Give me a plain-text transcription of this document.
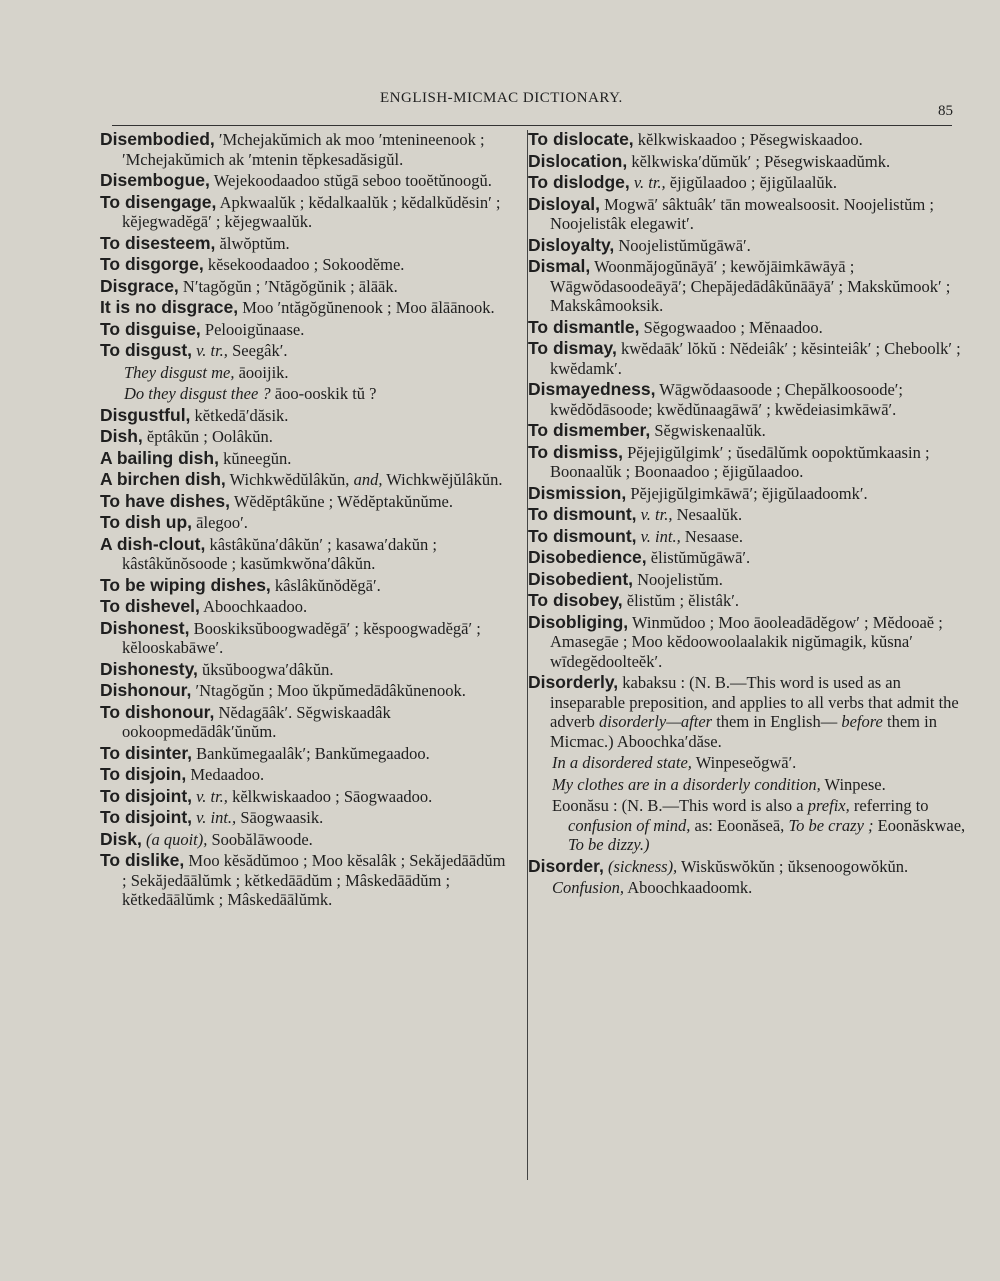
ENGLISH-MICMAC DICTIONARY.
85
Disembodied, ′Mchejakŭmich ak moo ′mtenineenook ; ′Mchejakŭmich ak ′mtenin tĕpkesadăsigŭl.
Disembogue, Wejekoodaadoo stŭgā seboo tooĕtŭnoogŭ.
To disengage, Apkwaalŭk ; kĕdalkaalŭk ; kĕdalkŭdĕsin′ ; kĕjegwadĕgā′ ; kĕjegwaalŭk.
To disesteem, ălwŏptŭm.
To disgorge, kĕsekoodaadoo ; Sokoodĕme.
Disgrace, N′tagŏgŭn ; ′Ntăgŏgŭnik ; ālāāk.
It is no disgrace, Moo ′ntăgŏgŭnenook ; Moo ālāānook.
To disguise, Pelooigŭnaase.
To disgust, v. tr., Seegâk′.
They disgust me, āooijik.
Do they disgust thee ? āoo-ooskik tŭ ?
Disgustful, kĕtkedā′dăsik.
Dish, ĕptâkŭn ; Oolâkŭn.
A bailing dish, kŭneegŭn.
A birchen dish, Wichkwĕdŭlâkŭn, and, Wichkwĕjŭlâkŭn.
To have dishes, Wĕdĕptâkŭne ; Wĕdĕptakŭnŭme.
To dish up, ālegoo′.
A dish-clout, kâstâkŭna′dâkŭn′ ; kasawa′dakŭn ; kâstâkŭnŏsoode ; kasŭmkwŏna′dâkŭn.
To be wiping dishes, kâslâkŭnŏdĕgā′.
To dishevel, Aboochkaadoo.
Dishonest, Booskiksŭboogwadĕgā′ ; kĕspoogwadĕgā′ ; kĕlooskabāwe′.
Dishonesty, ŭksŭboogwa′dâkŭn.
Dishonour, ′Ntagŏgŭn ; Moo ŭkpŭmedādâkŭnenook.
To dishonour, Nĕdagāâk′. Sĕgwiskaadâk ookoopmedādâk′ŭnŭm.
To disinter, Bankŭmegaalâk′; Bankŭmegaadoo.
To disjoin, Medaadoo.
To disjoint, v. tr., kĕlkwiskaadoo ; Sāogwaadoo.
To disjoint, v. int., Sāogwaasik.
Disk, (a quoit), Soobălāwoode.
To dislike, Moo kĕsădŭmoo ; Moo kĕsalâk ; Sekăjedāādŭm ; Sekăjedāālŭmk ; kĕtkedāādŭm ; Mâskedāādŭm ; kĕtkedāālŭmk ; Mâskedāālŭmk.
To dislocate, kĕlkwiskaadoo ; Pĕsegwiskaadoo.
Dislocation, kĕlkwiska′dŭmŭk′ ; Pĕsegwiskaadŭmk.
To dislodge, v. tr., ĕjigŭlaadoo ; ĕjigŭlaalŭk.
Disloyal, Mogwā′ sâktuâk′ tān mowealsoosit. Noojelistŭm ; Noojelistâk elegawit′.
Disloyalty, Noojelistŭmŭgāwā′.
Dismal, Woonmăjogŭnāyā′ ; kewŏjāimkāwāyā ; Wāgwŏdasoodeāyā′; Chepăjedādâkŭnāāyā′ ; Makskŭmook′ ; Makskâmooksik.
To dismantle, Sĕgogwaadoo ; Mĕnaadoo.
To dismay, kwĕdaāk′ lŏkŭ : Nĕdeiâk′ ; kĕsinteiâk′ ; Cheboolk′ ; kwĕdamk′.
Dismayedness, Wāgwŏdaasoode ; Chepălkoosoode′; kwĕdŏdāsoode; kwĕdŭnaagāwā′ ; kwĕdeiasimkāwā′.
To dismember, Sĕgwiskenaalŭk.
To dismiss, Pĕjejigŭlgimk′ ; ŭsedālŭmk oopoktŭmkaasin ; Boonaalŭk ; Boonaadoo ; ĕjigŭlaadoo.
Dismission, Pĕjejigŭlgimkāwā′; ĕjigŭlaadoomk′.
To dismount, v. tr., Nesaalŭk.
To dismount, v. int., Nesaase.
Disobedience, ĕlistŭmŭgāwā′.
Disobedient, Noojelistŭm.
To disobey, ĕlistŭm ; ĕlistâk′.
Disobliging, Winmŭdoo ; Moo āooleadādĕgow′ ; Mĕdooaĕ ; Amasegāe ; Moo kĕdoowoolaalakik nigŭmagik, kŭsna′ wīdegĕdoolteĕk′.
Disorderly, kabaksu : (N. B.—This word is used as an inseparable preposition, and applies to all verbs that admit the adverb disorderly—after them in English— before them in Micmac.) Aboochka′dăse.
In a disordered state, Winpeseŏgwā′.
My clothes are in a disorderly condition, Winpese.
Eoonăsu : (N. B.—This word is also a prefix, referring to confusion of mind, as: Eoonăseā, To be crazy ; Eoonăskwae, To be dizzy.)
Disorder, (sickness), Wiskŭswŏkŭn ; ŭksenoogowŏkŭn.
Confusion, Aboochkaadoomk.
